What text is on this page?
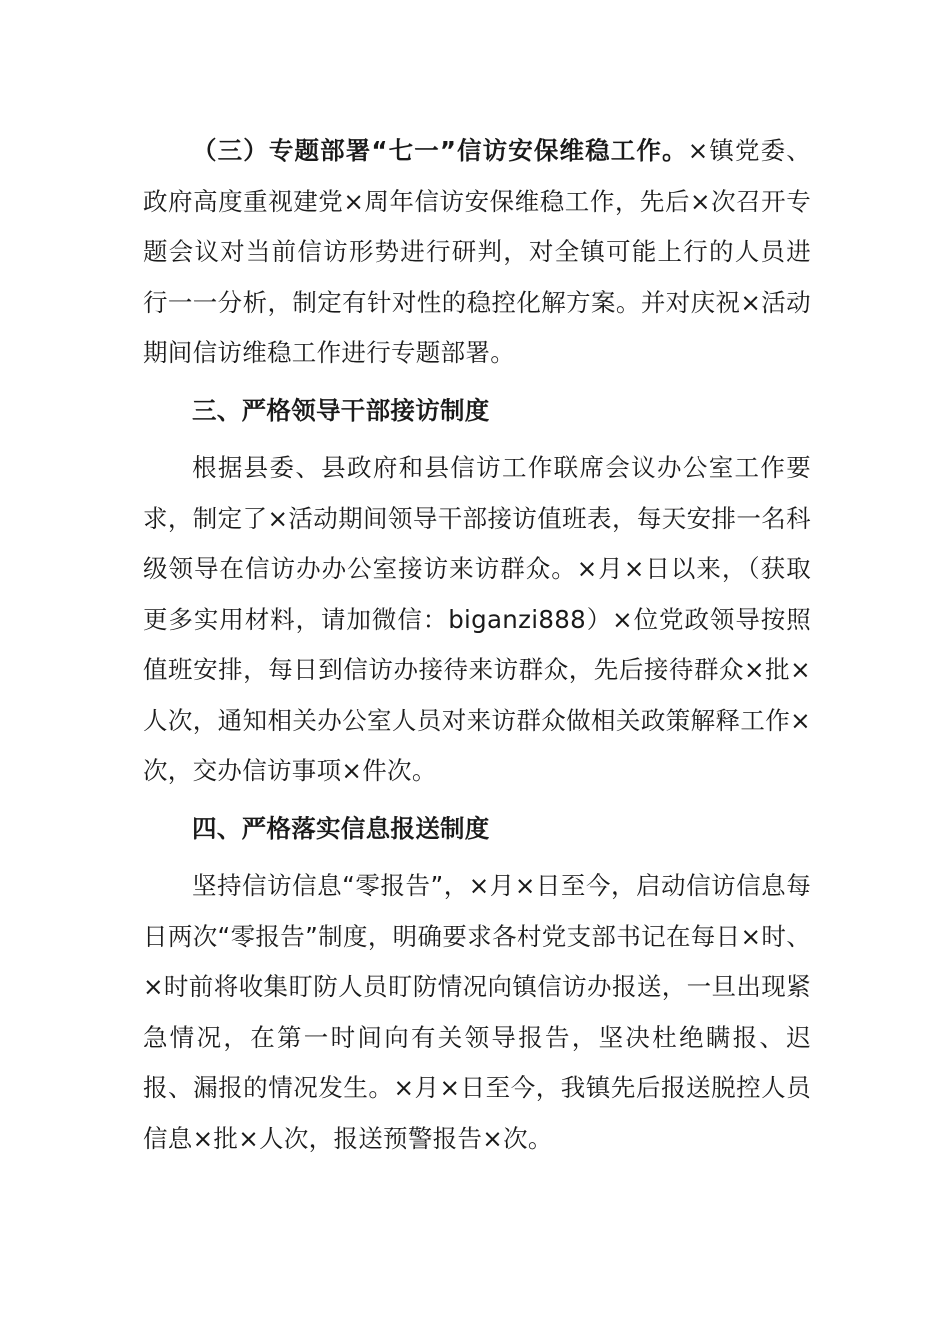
（三）专题部署“七一”信访安保维稳工作。×镇党委、政府高度重视建党×周年信访安保维稳工作，先后×次召开专题会议对当前信访形势进行研判，对全镇可能上行的人员进行一一分析，制定有针对性的稳控化解方案。并对庆祝×活动期间信访维稳工作进行专题部署。

三、严格领导干部接访制度

根据县委、县政府和县信访工作联席会议办公室工作要求，制定了×活动期间领导干部接访值班表，每天安排一名科级领导在信访办办公室接访来访群众。×月×日以来，（获取更多实用材料，请加微信：biganzi888）×位党政领导按照值班安排，每日到信访办接待来访群众，先后接待群众×批×人次，通知相关办公室人员对来访群众做相关政策解释工作×次，交办信访事项×件次。

四、严格落实信息报送制度

坚持信访信息“零报告”，×月×日至今，启动信访信息每日两次“零报告”制度，明确要求各村党支部书记在每日×时、×时前将收集盯防人员盯防情况向镇信访办报送，一旦出现紧急情况，在第一时间向有关领导报告，坚决杜绝瞒报、迟报、漏报的情况发生。×月×日至今，我镇先后报送脱控人员信息×批×人次，报送预警报告×次。
